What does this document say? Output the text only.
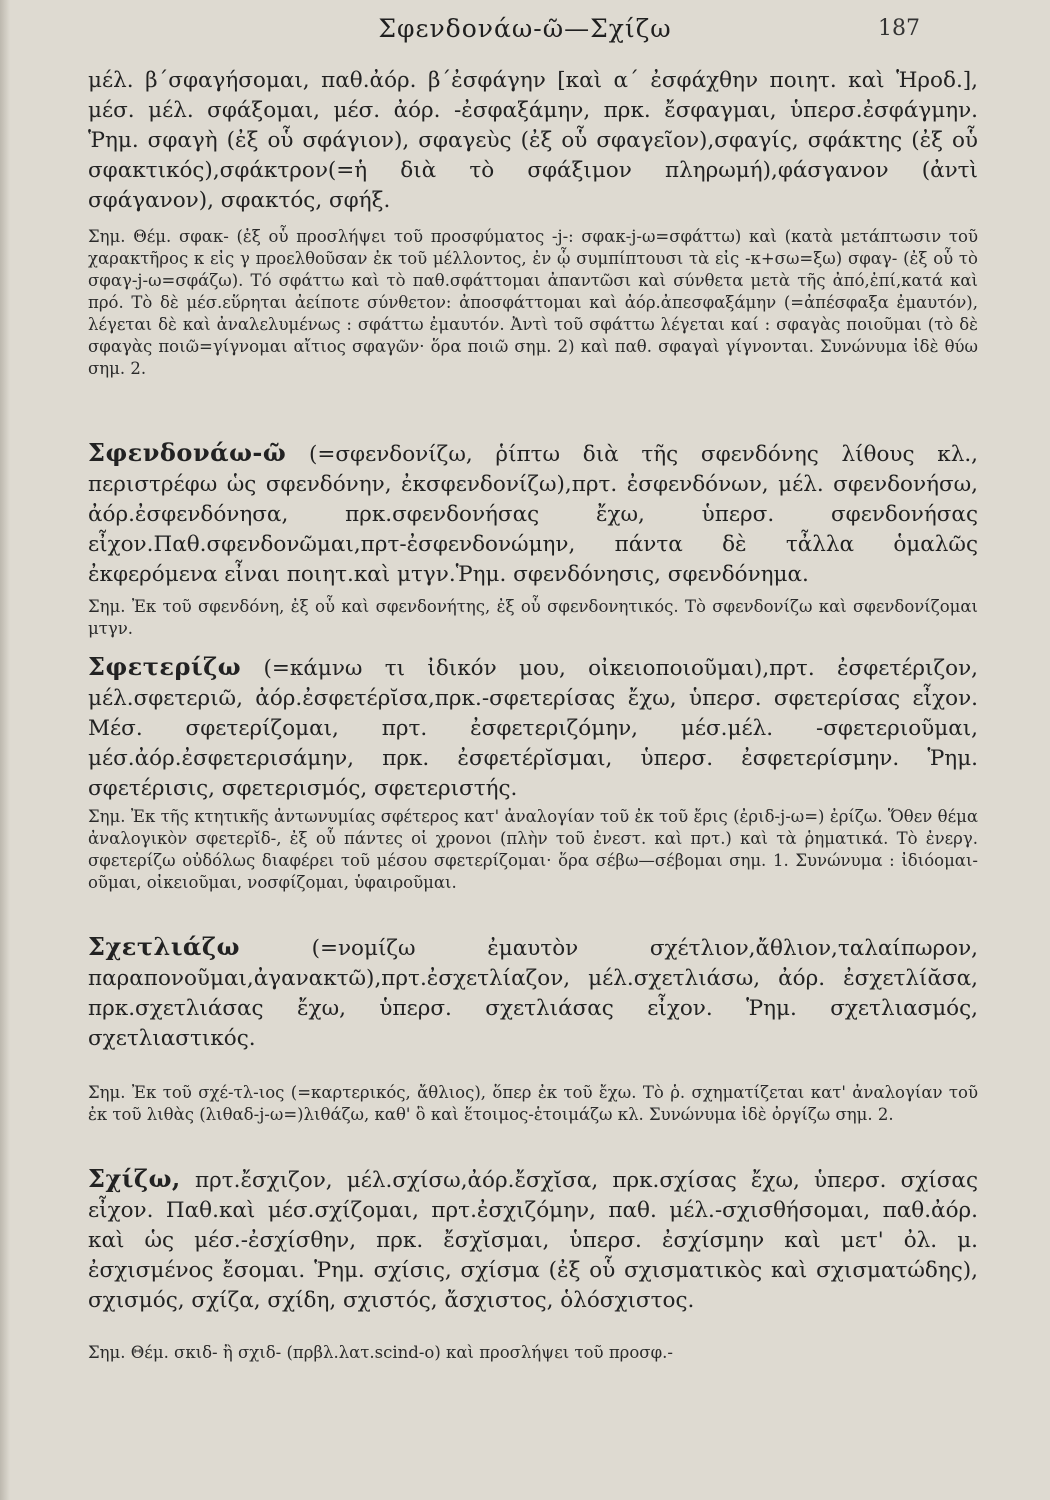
Σφενδονάω-ῶ—Σχίζω	187
μέλ. β΄σφαγήσομαι, παθ.ἀόρ. β΄ἐσφάγην [καὶ α΄ ἐσφάχθην ποιητ. καὶ Ἡροδ.], μέσ. μέλ. σφάξομαι, μέσ. ἀόρ. -ἐσφαξάμην, πρκ. ἔσφαγμαι, ὑπερσ.ἐσφάγμην. Ῥημ. σφαγὴ (ἐξ οὗ σφάγιον), σφαγεὺς (ἐξ οὗ σφαγεῖον),σφαγίς, σφάκτης (ἐξ οὗ σφακτικός),σφάκτρον(=ἡ διὰ τὸ σφάξιμον πληρωμή),φάσγανον (ἀντὶ σφάγανον), σφακτός, σφήξ.
Σημ. Θέμ. σφακ- (ἐξ οὗ προσλήψει τοῦ προσφύματος -j-: σφακ-j-ω=σφάττω) καὶ (κατὰ μετάπτωσιν τοῦ χαρακτῆρος κ εἰς γ προελθοῦσαν ἐκ τοῦ μέλλοντος, ἐν ᾧ συμπίπτουσι τὰ εἰς -κ+σω=ξω) σφαγ- (ἐξ οὗ τὸ σφαγ-j-ω=σφάζω). Τό σφάττω καὶ τὸ παθ.σφάττομαι ἀπαντῶσι καὶ σύνθετα μετὰ τῆς ἀπό,ἐπί,κατά καὶ πρό. Τὸ δὲ μέσ.εὕρηται ἀείποτε σύνθετον: ἀποσφάττομαι καὶ ἀόρ.ἀπεσφαξάμην (=ἀπέσφαξα ἐμαυτόν), λέγεται δὲ καὶ ἀναλελυμένως : σφάττω ἐμαυτόν. Ἀντὶ τοῦ σφάττω λέγεται καί : σφαγὰς ποιοῦμαι (τὸ δὲ σφαγὰς ποιῶ=γίγνομαι αἴτιος σφαγῶν· ὅρα ποιῶ σημ. 2) καὶ παθ. σφαγαὶ γίγνονται. Συνώνυμα ἰδὲ θύω σημ. 2.
Σφενδονάω-ῶ (=σφενδονίζω, ῥίπτω διὰ τῆς σφενδόνης λίθους κλ., περιστρέφω ὡς σφενδόνην, ἐκσφενδονίζω),πρτ. ἐσφενδόνων, μέλ. σφενδονήσω, ἀόρ.ἐσφενδόνησα, πρκ.σφενδονήσας ἔχω, ὑπερσ. σφενδονήσας εἶχον.Παθ.σφενδονῶμαι,πρτ-ἐσφενδονώμην, πάντα δὲ τἆλλα ὁμαλῶς ἐκφερόμενα εἶναι ποιητ.καὶ μτγν.Ῥημ. σφενδόνησις, σφενδόνημα.
Σημ. Ἐκ τοῦ σφενδόνη, ἐξ οὗ καὶ σφενδονήτης, ἐξ οὗ σφενδονητικός. Τὸ σφενδονίζω καὶ σφενδονίζομαι μτγν.
Σφετερίζω (=κάμνω τι ἰδικόν μου, οἰκειοποιοῦμαι),πρτ. ἐσφετέριζον, μέλ.σφετεριῶ, ἀόρ.ἐσφετέρῐσα,πρκ.-σφετερίσας ἔχω, ὑπερσ. σφετερίσας εἶχον. Μέσ. σφετερίζομαι, πρτ. ἐσφετεριζόμην, μέσ.μέλ. -σφετεριοῦμαι, μέσ.ἀόρ.ἐσφετερισάμην, πρκ. ἐσφετέρῐσμαι, ὑπερσ. ἐσφετερίσμην. Ῥημ. σφετέρισις, σφετερισμός, σφετεριστής.
Σημ. Ἐκ τῆς κτητικῆς ἀντωνυμίας σφέτερος κατ' ἀναλογίαν τοῦ ἐκ τοῦ ἔρις (ἐριδ-j-ω=) ἐρίζω. Ὅθεν θέμα ἀναλογικὸν σφετερῐδ-, ἐξ οὗ πάντες οἱ χρονοι (πλὴν τοῦ ἐνεστ. καὶ πρτ.) καὶ τὰ ῥηματικά. Τὸ ἐνεργ. σφετερίζω οὐδόλως διαφέρει τοῦ μέσου σφετερίζομαι· ὅρα σέβω—σέβομαι σημ. 1. Συνώνυμα : ἰδιόομαι-οῦμαι, οἰκειοῦμαι, νοσφίζομαι, ὑφαιροῦμαι.
Σχετλιάζω (=νομίζω ἐμαυτὸν σχέτλιον,ἄθλιον,ταλαίπωρον, παραπονοῦμαι,ἀγανακτῶ),πρτ.ἐσχετλίαζον, μέλ.σχετλιάσω, ἀόρ. ἐσχετλίᾰσα, πρκ.σχετλιάσας ἔχω, ὑπερσ. σχετλιάσας εἶχον. Ῥημ. σχετλιασμός, σχετλιαστικός.
Σημ. Ἐκ τοῦ σχέ-τλ-ιος (=καρτερικός, ἄθλιος), ὅπερ ἐκ τοῦ ἔχω. Τὸ ῥ. σχηματίζεται κατ' ἀναλογίαν τοῦ ἐκ τοῦ λιθὰς (λιθαδ-j-ω=)λιθάζω, καθ' ὃ καὶ ἕτοιμος-ἑτοιμάζω κλ. Συνώνυμα ἰδὲ ὀργίζω σημ. 2.
Σχίζω, πρτ.ἔσχιζον, μέλ.σχίσω,ἀόρ.ἔσχῐσα, πρκ.σχίσας ἔχω, ὑπερσ. σχίσας εἶχον. Παθ.καὶ μέσ.σχίζομαι, πρτ.ἐσχιζόμην, παθ. μέλ.-σχισθήσομαι, παθ.ἀόρ. καὶ ὡς μέσ.-ἐσχίσθην, πρκ. ἔσχῐσμαι, ὑπερσ. ἐσχίσμην καὶ μετ' ὀλ. μ. ἐσχισμένος ἔσομαι. Ῥημ. σχίσις, σχίσμα (ἐξ οὗ σχισματικὸς καὶ σχισματώδης), σχισμός, σχίζα, σχίδη, σχιστός, ἄσχιστος, ὁλόσχιστος.
Σημ. Θέμ. σκιδ- ἢ σχιδ- (πρβλ.λατ.scind-o) καὶ προσλήψει τοῦ προσφ.-
